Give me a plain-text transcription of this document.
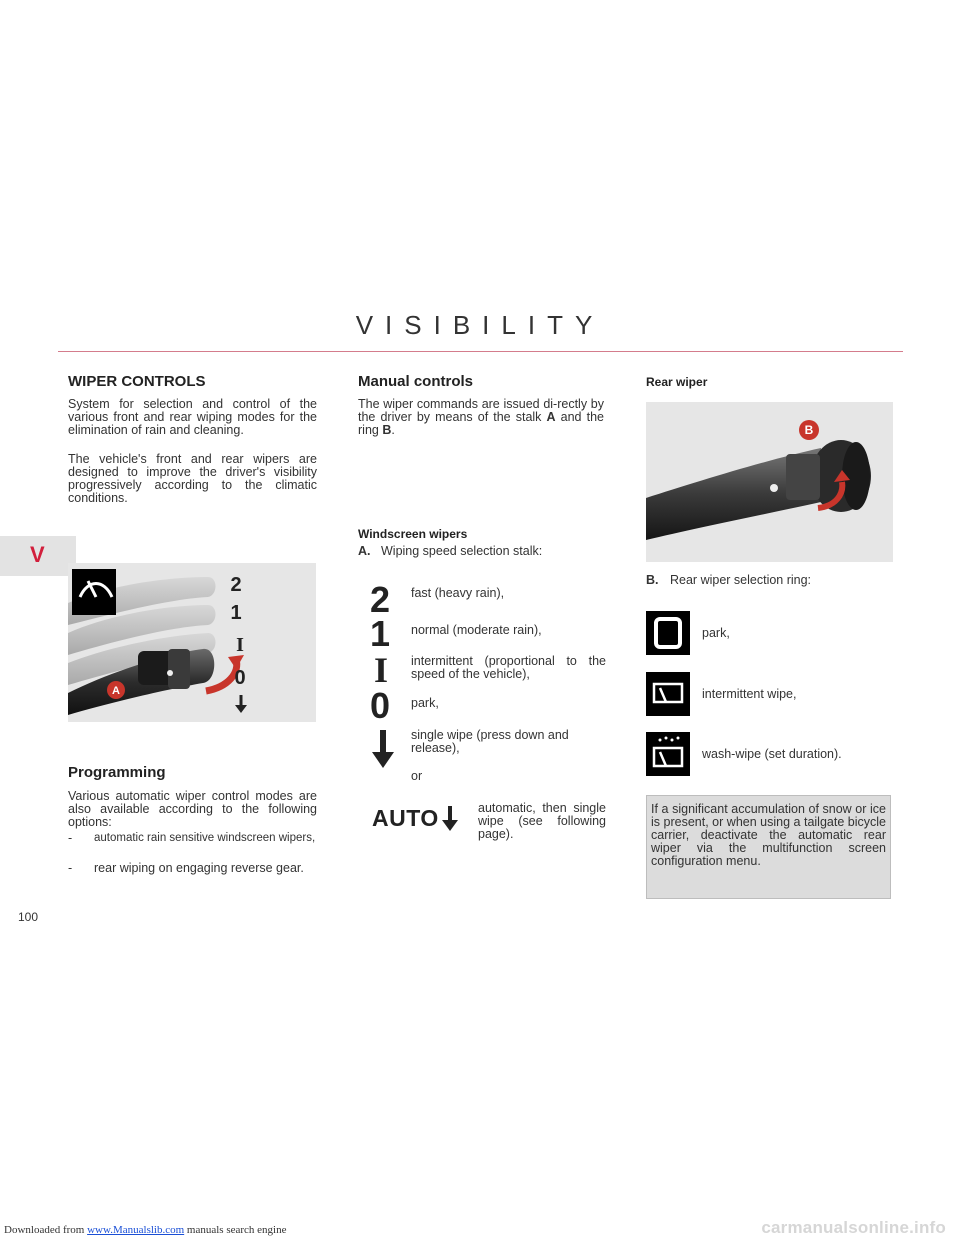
VISIBILITY
V
100
WIPER CONTROLS

System for selection and control of the various front and rear wiping modes for the elimination of rain and cleaning.

The vehicle's front and rear wipers are designed to improve the driver's visibility progressively according to the climatic conditions.

A
2
1
I
0
Programming

Various automatic wiper control modes are also available according to the following options:

- automatic rain sensitive windscreen wipers,
- rear wiping on engaging reverse gear.
Manual controls

The wiper commands are issued di-rectly by the driver by means of the stalk A and the ring B.

Windscreen wipers
A. Wiping speed selection stalk:
2 fast (heavy rain),
1 normal (moderate rain),
I intermittent (proportional to the speed of the vehicle),
0 park,
single wipe (press down and release),
or
AUTO	automatic, then single wipe (see following page).
Rear wiper
B
B. Rear wiper selection ring:
park,
intermittent wipe,
wash-wipe (set duration).

If a significant accumulation of snow or ice is present, or when using a tailgate bicycle carrier, deactivate the automatic rear wiper via the multifunction screen configuration menu.

Downloaded from www.Manualslib.com manuals search engine	carmanualsonline.info
